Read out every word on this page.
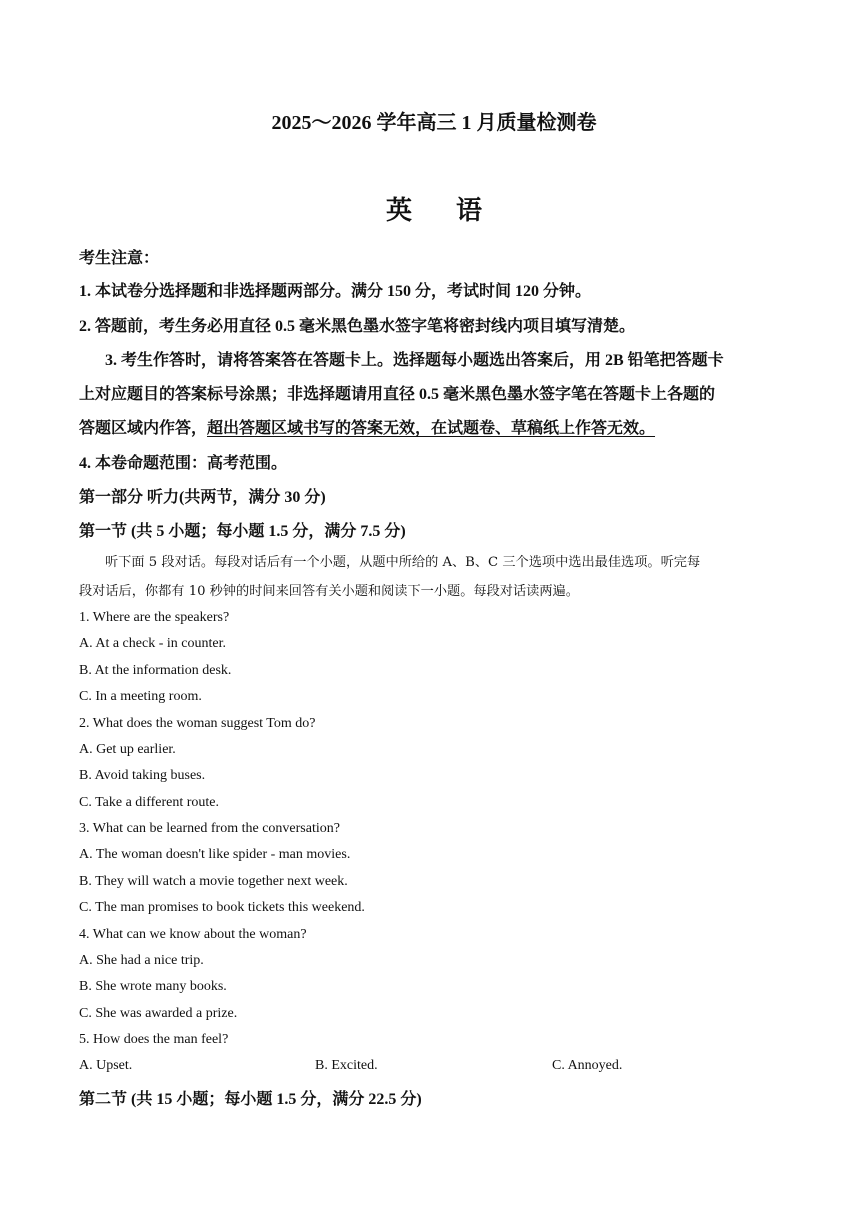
2025～2026 学年高三 1 月质量检测卷
英语
考生注意：
1. 本试卷分选择题和非选择题两部分。满分 150 分，考试时间 120 分钟。
2. 答题前，考生务必用直径 0.5 毫米黑色墨水签字笔将密封线内项目填写清楚。
3. 考生作答时，请将答案答在答题卡上。选择题每小题选出答案后，用 2B 铅笔把答题卡
上对应题目的答案标号涂黑；非选择题请用直径 0.5 毫米黑色墨水签字笔在答题卡上各题的
答题区域内作答，超出答题区域书写的答案无效，在试题卷、草稿纸上作答无效。
4. 本卷命题范围：高考范围。
第一部分 听力(共两节，满分 30 分)
第一节 (共 5 小题；每小题 1.5 分，满分 7.5 分)
听下面 5 段对话。每段对话后有一个小题，从题中所给的 A、B、C 三个选项中选出最佳选项。听完每
段对话后，你都有 10 秒钟的时间来回答有关小题和阅读下一小题。每段对话读两遍。
1. Where are the speakers?
A. At a check - in counter.
B. At the information desk.
C. In a meeting room.
2. What does the woman suggest Tom do?
A. Get up earlier.
B. Avoid taking buses.
C. Take a different route.
3. What can be learned from the conversation?
A. The woman doesn't like spider - man movies.
B. They will watch a movie together next week.
C. The man promises to book tickets this weekend.
4. What can we know about the woman?
A. She had a nice trip.
B. She wrote many books.
C. She was awarded a prize.
5. How does the man feel?
A. Upset.	B. Excited.	C. Annoyed.
第二节 (共 15 小题；每小题 1.5 分，满分 22.5 分)
